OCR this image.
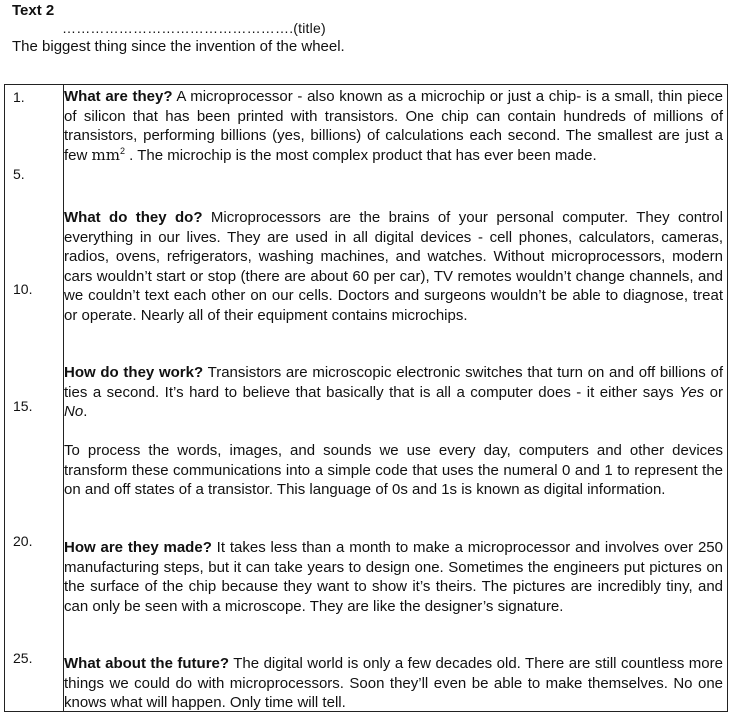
Text 2
………………………………………….(title)
The biggest thing since the invention of the wheel.
1.
5.
10.
15.
20.
25.
What are they? A microprocessor - also known as a microchip or just a chip- is a small, thin piece of silicon that has been printed with transistors. One chip can contain hundreds of millions of transistors, performing billions (yes, billions) of calculations each second. The smallest are just a few $mm^2$ . The microchip is the most complex product that has ever been made.
What do they do? Microprocessors are the brains of your personal computer. They control everything in our lives. They are used in all digital devices - cell phones, calculators, cameras, radios, ovens, refrigerators, washing machines, and watches. Without microprocessors, modern cars wouldn’t start or stop (there are about 60 per car), TV remotes wouldn’t change channels, and we couldn’t text each other on our cells. Doctors and surgeons wouldn’t be able to diagnose, treat or operate. Nearly all of their equipment contains microchips.
How do they work? Transistors are microscopic electronic switches that turn on and off billions of ties a second. It’s hard to believe that basically that is all a computer does - it either says Yes or No.
To process the words, images, and sounds we use every day, computers and other devices transform these communications into a simple code that uses the numeral 0 and 1 to represent the on and off states of a transistor. This language of 0s and 1s is known as digital information.
How are they made? It takes less than a month to make a microprocessor and involves over 250 manufacturing steps, but it can take years to design one. Sometimes the engineers put pictures on the surface of the chip because they want to show it’s theirs. The pictures are incredibly tiny, and can only be seen with a microscope. They are like the designer’s signature.
What about the future? The digital world is only a few decades old. There are still countless more things we could do with microprocessors. Soon they’ll even be able to make themselves. No one knows what will happen. Only time will tell.
